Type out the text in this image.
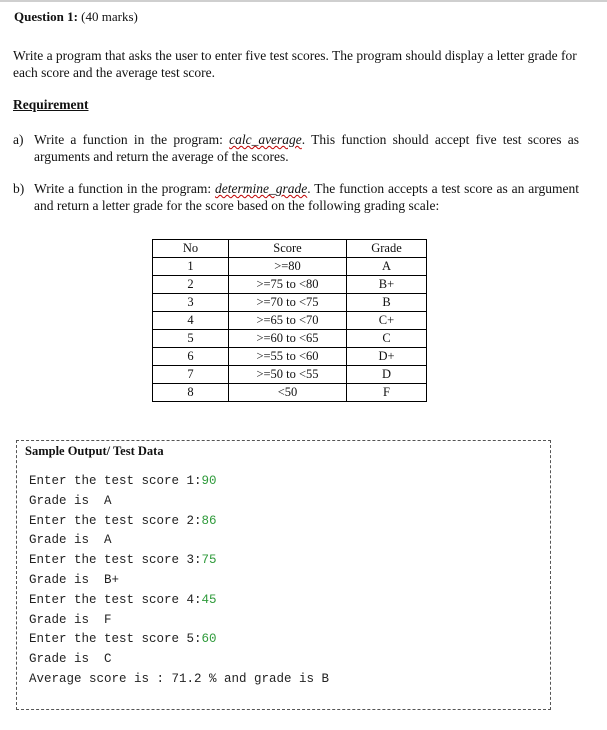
Question 1: (40 marks)
Write a program that asks the user to enter five test scores. The program should display a letter grade for each score and the average test score.
Requirement
a) Write a function in the program: calc_average. This function should accept five test scores as arguments and return the average of the scores.
b) Write a function in the program: determine_grade. The function accepts a test score as an argument and return a letter grade for the score based on the following grading scale:
No	Score	Grade
1	>=80	A
2	>=75 to <80	B+
3	>=70 to <75	B
4	>=65 to <70	C+
5	>=60 to <65	C
6	>=55 to <60	D+
7	>=50 to <55	D
8	<50	F
Sample Output/ Test Data
Enter the test score 1:90
Grade is  A
Enter the test score 2:86
Grade is  A
Enter the test score 3:75
Grade is  B+
Enter the test score 4:45
Grade is  F
Enter the test score 5:60
Grade is  C
Average score is : 71.2 % and grade is B
